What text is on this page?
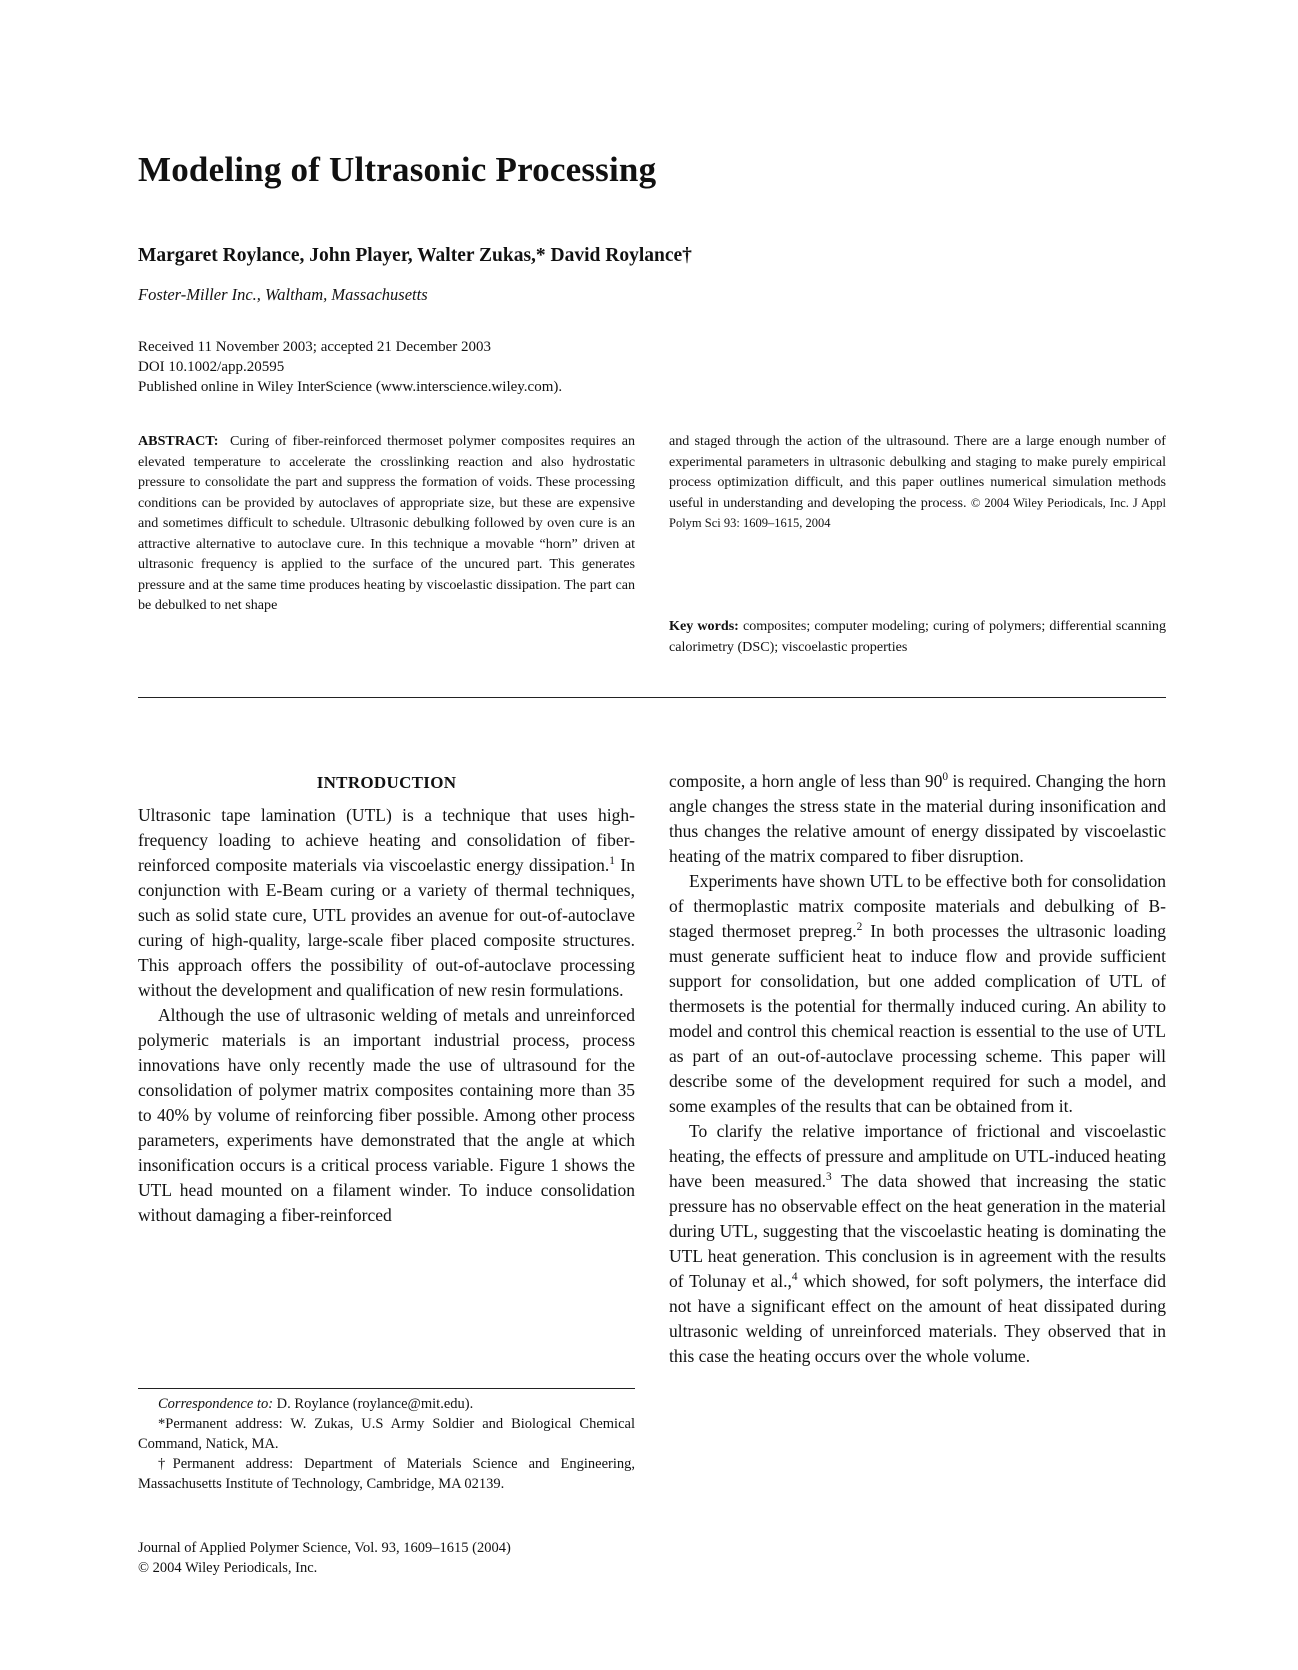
Modeling of Ultrasonic Processing
Margaret Roylance, John Player, Walter Zukas,* David Roylance†
Foster-Miller Inc., Waltham, Massachusetts
Received 11 November 2003; accepted 21 December 2003
DOI 10.1002/app.20595
Published online in Wiley InterScience (www.interscience.wiley.com).
ABSTRACT: Curing of fiber-reinforced thermoset polymer composites requires an elevated temperature to accelerate the crosslinking reaction and also hydrostatic pressure to consolidate the part and suppress the formation of voids. These processing conditions can be provided by autoclaves of appropriate size, but these are expensive and sometimes difficult to schedule. Ultrasonic debulking followed by oven cure is an attractive alternative to autoclave cure. In this technique a movable “horn” driven at ultrasonic frequency is applied to the surface of the uncured part. This generates pressure and at the same time produces heating by viscoelastic dissipation. The part can be debulked to net shape
and staged through the action of the ultrasound. There are a large enough number of experimental parameters in ultrasonic debulking and staging to make purely empirical process optimization difficult, and this paper outlines numerical simulation methods useful in understanding and developing the process. © 2004 Wiley Periodicals, Inc. J Appl Polym Sci 93: 1609–1615, 2004
Key words: composites; computer modeling; curing of polymers; differential scanning calorimetry (DSC); viscoelastic properties
INTRODUCTION

Ultrasonic tape lamination (UTL) is a technique that uses high-frequency loading to achieve heating and consolidation of fiber-reinforced composite materials via viscoelastic energy dissipation.$^1$ In conjunction with E-Beam curing or a variety of thermal techniques, such as solid state cure, UTL provides an avenue for out-of-autoclave curing of high-quality, large-scale fiber placed composite structures. This approach offers the possibility of out-of-autoclave processing without the development and qualification of new resin formulations.

Although the use of ultrasonic welding of metals and unreinforced polymeric materials is an important industrial process, process innovations have only recently made the use of ultrasound for the consolidation of polymer matrix composites containing more than 35 to 40% by volume of reinforcing fiber possible. Among other process parameters, experiments have demonstrated that the angle at which insonification occurs is a critical process variable. Figure 1 shows the UTL head mounted on a filament winder. To induce consolidation without damaging a fiber-reinforced

composite, a horn angle of less than $90^0$ is required. Changing the horn angle changes the stress state in the material during insonification and thus changes the relative amount of energy dissipated by viscoelastic heating of the matrix compared to fiber disruption.

Experiments have shown UTL to be effective both for consolidation of thermoplastic matrix composite materials and debulking of B-staged thermoset prepreg.$^2$ In both processes the ultrasonic loading must generate sufficient heat to induce flow and provide sufficient support for consolidation, but one added complication of UTL of thermosets is the potential for thermally induced curing. An ability to model and control this chemical reaction is essential to the use of UTL as part of an out-of-autoclave processing scheme. This paper will describe some of the development required for such a model, and some examples of the results that can be obtained from it.

To clarify the relative importance of frictional and viscoelastic heating, the effects of pressure and amplitude on UTL-induced heating have been measured.$^3$ The data showed that increasing the static pressure has no observable effect on the heat generation in the material during UTL, suggesting that the viscoelastic heating is dominating the UTL heat generation. This conclusion is in agreement with the results of Tolunay et al.,$^4$ which showed, for soft polymers, the interface did not have a significant effect on the amount of heat dissipated during ultrasonic welding of unreinforced materials. They observed that in this case the heating occurs over the whole volume.

Correspondence to: D. Roylance (roylance@mit.edu).

*Permanent address: W. Zukas, U.S Army Soldier and Biological Chemical Command, Natick, MA.

†Permanent address: Department of Materials Science and Engineering, Massachusetts Institute of Technology, Cambridge, MA 02139.

Journal of Applied Polymer Science, Vol. 93, 1609–1615 (2004)
© 2004 Wiley Periodicals, Inc.
